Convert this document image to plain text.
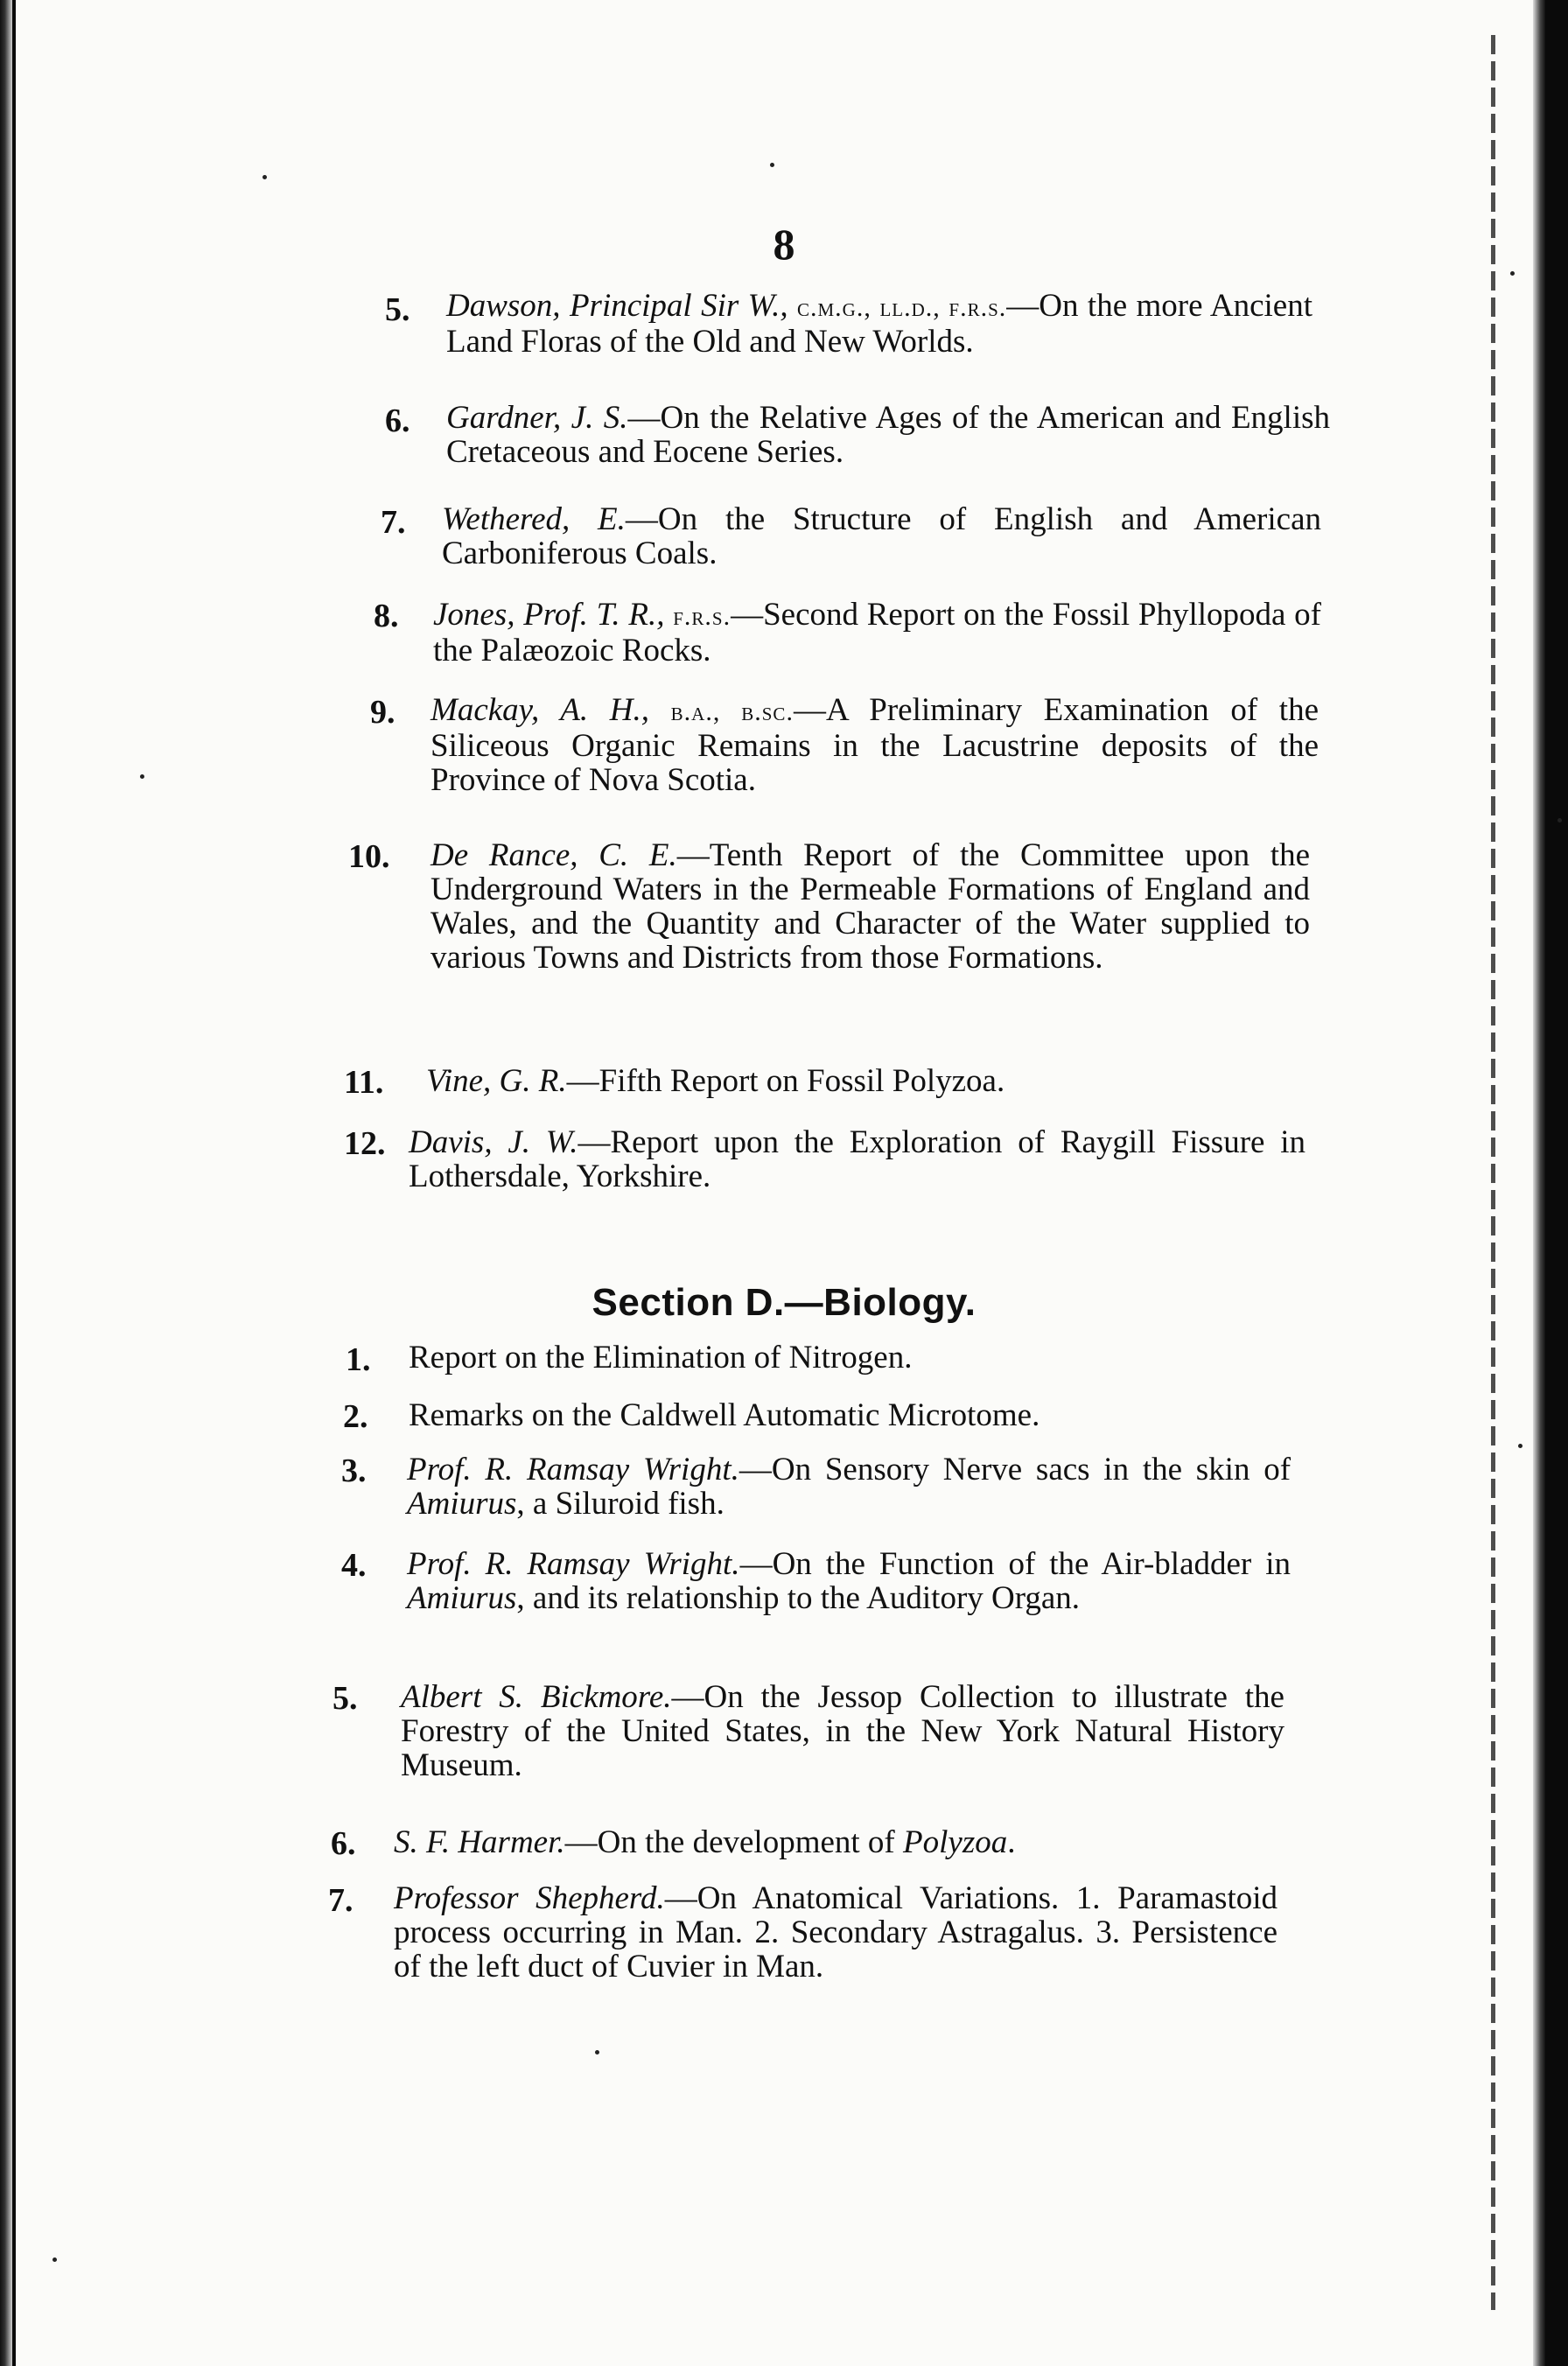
8
5. Dawson, Principal Sir W., c.m.g., ll.d., f.r.s.—On the more Ancient Land Floras of the Old and New Worlds.
6. Gardner, J. S.—On the Relative Ages of the American and English Cretaceous and Eocene Series.
7. Wethered, E.—On the Structure of English and American Carboniferous Coals.
8. Jones, Prof. T. R., f.r.s.—Second Report on the Fossil Phyllopoda of the Palæozoic Rocks.
9. Mackay, A. H., b.a., b.sc.—A Preliminary Examination of the Siliceous Organic Remains in the Lacustrine deposits of the Province of Nova Scotia.
10. De Rance, C. E.—Tenth Report of the Committee upon the Underground Waters in the Permeable Formations of England and Wales, and the Quantity and Character of the Water supplied to various Towns and Districts from those Formations.
11. Vine, G. R.—Fifth Report on Fossil Polyzoa.
12. Davis, J. W.—Report upon the Exploration of Raygill Fissure in Lothersdale, Yorkshire.
Section D.—Biology.
1. Report on the Elimination of Nitrogen.
2. Remarks on the Caldwell Automatic Microtome.
3. Prof. R. Ramsay Wright.—On Sensory Nerve sacs in the skin of Amiurus, a Siluroid fish.
4. Prof. R. Ramsay Wright.—On the Function of the Air-bladder in Amiurus, and its relationship to the Auditory Organ.
5. Albert S. Bickmore.—On the Jessop Collection to illustrate the Forestry of the United States, in the New York Natural History Museum.
6. S. F. Harmer.—On the development of Polyzoa.
7. Professor Shepherd.—On Anatomical Variations. 1. Paramastoid process occurring in Man. 2. Secondary Astragalus. 3. Persistence of the left duct of Cuvier in Man.
